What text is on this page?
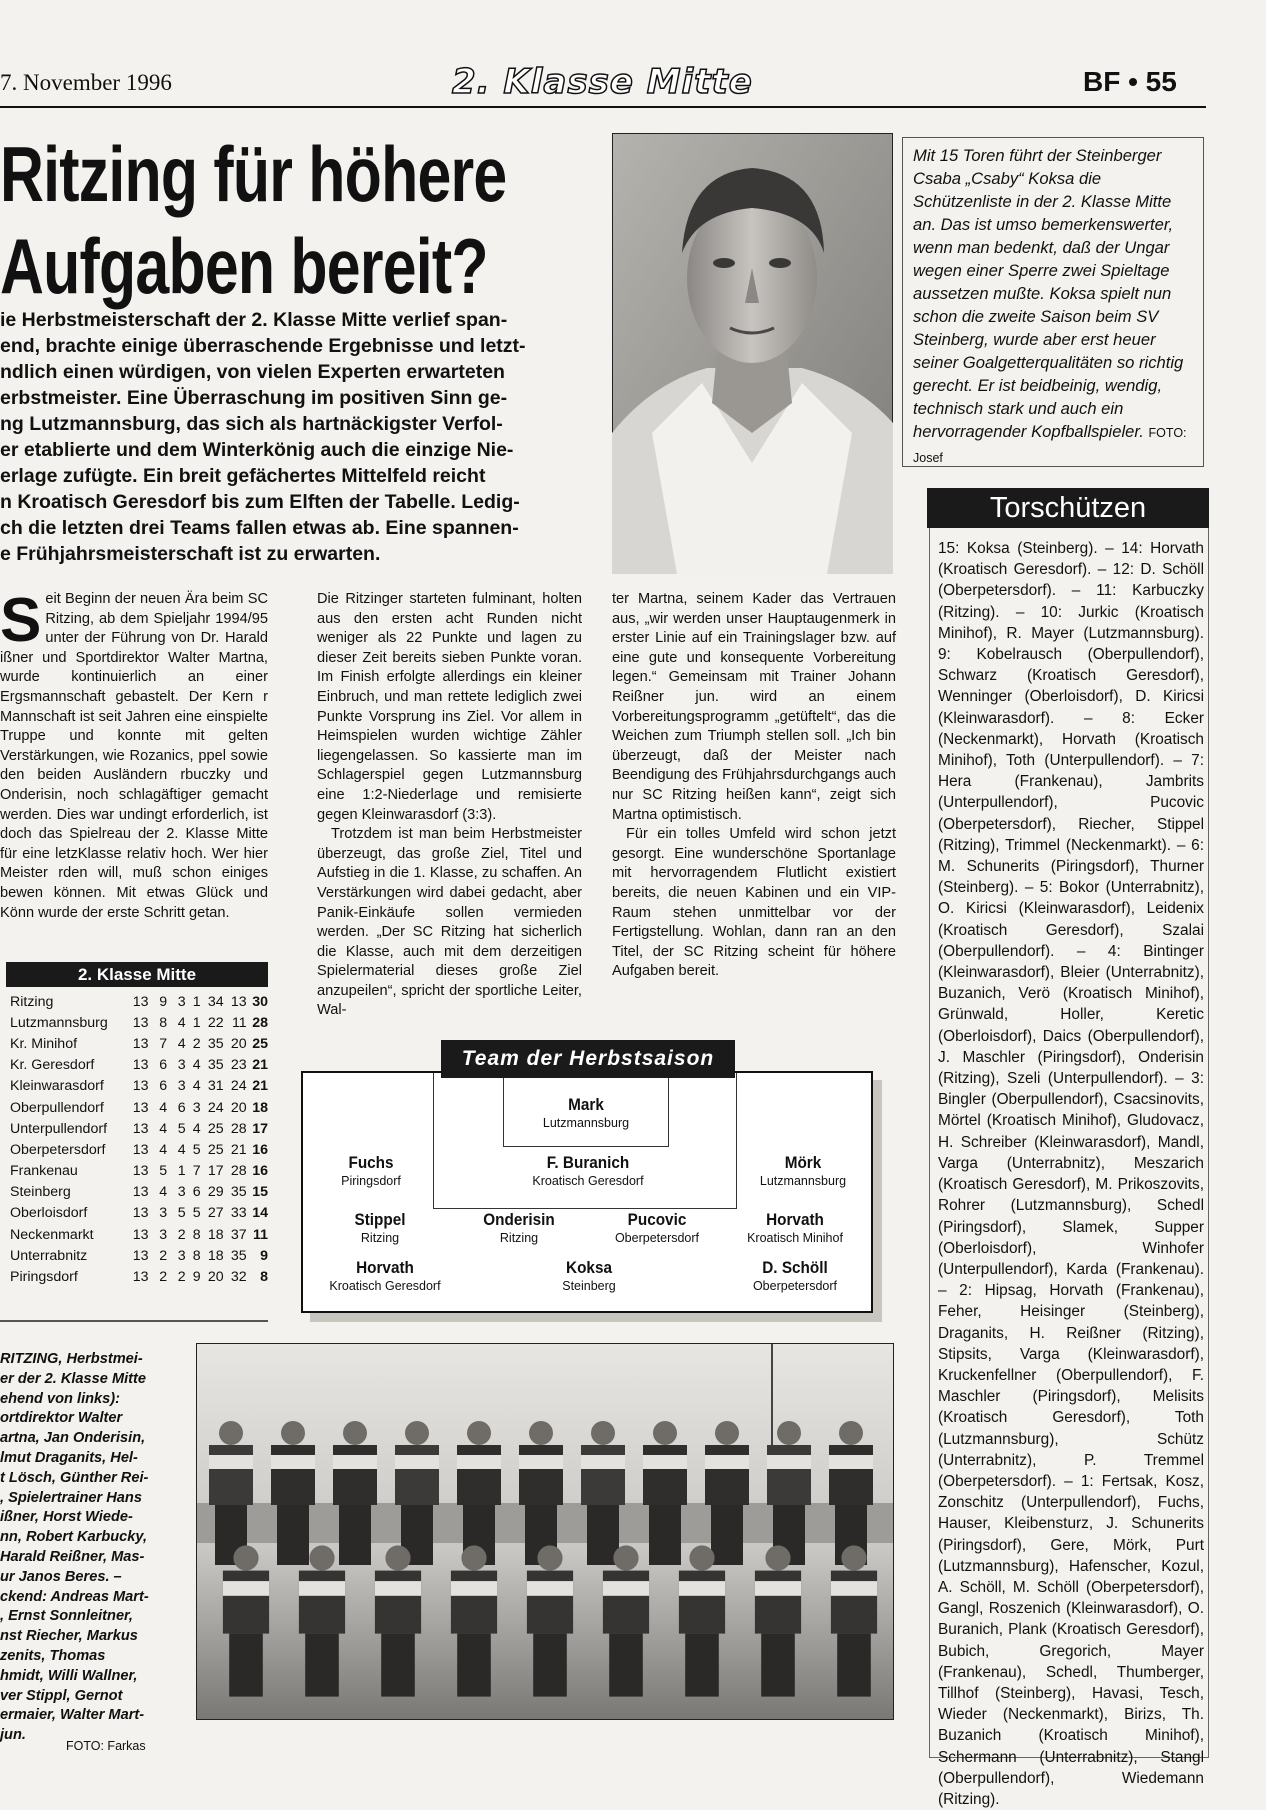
7. November 1996	2. Klasse Mitte	BF • 55
Ritzing für höhere
Aufgaben bereit?
ie Herbstmeisterschaft der 2. Klasse Mitte verlief span-
end, brachte einige überraschende Ergebnisse und letzt-
ndlich einen würdigen, von vielen Experten erwarteten
erbstmeister. Eine Überraschung im positiven Sinn ge-
ng Lutzmannsburg, das sich als hartnäckigster Verfol-
er etablierte und dem Winterkönig auch die einzige Nie-
erlage zufügte. Ein breit gefächertes Mittelfeld reicht
n Kroatisch Geresdorf bis zum Elften der Tabelle. Ledig-
ch die letzten drei Teams fallen etwas ab. Eine spannen-
e Frühjahrsmeisterschaft ist zu erwarten.
S eit Beginn der neuen Ära beim SC Ritzing, ab dem Spieljahr 1994/95 unter der Führung von Dr. Harald ißner und Sportdirektor Walter Martna, wurde kontinuierlich an einer Ergsmannschaft gebastelt. Der Kern r Mannschaft ist seit Jahren eine einspielte Truppe und konnte mit gelten Verstärkungen, wie Rozanics, ppel sowie den beiden Ausländern rbuczky und Onderisin, noch schlagäftiger gemacht werden. Dies war undingt erforderlich, ist doch das Spielreau der 2. Klasse Mitte für eine letzKlasse relativ hoch. Wer hier Meister rden will, muß schon einiges bewen können. Mit etwas Glück und Könn wurde der erste Schritt getan.

Die Ritzinger starteten fulminant, holten aus den ersten acht Runden nicht weniger als 22 Punkte und lagen zu dieser Zeit bereits sieben Punkte voran. Im Finish erfolgte allerdings ein kleiner Einbruch, und man rettete lediglich zwei Punkte Vorsprung ins Ziel. Vor allem in Heimspielen wurden wichtige Zähler liegengelassen. So kassierte man im Schlagerspiel gegen Lutzmannsburg eine 1:2-Niederlage und remisierte gegen Kleinwarasdorf (3:3).

Trotzdem ist man beim Herbstmeister überzeugt, das große Ziel, Titel und Aufstieg in die 1. Klasse, zu schaffen. An Verstärkungen wird dabei gedacht, aber Panik-Einkäufe sollen vermieden werden. „Der SC Ritzing hat sicherlich die Klasse, auch mit dem derzeitigen Spielermaterial dieses große Ziel anzupeilen“, spricht der sportliche Leiter, Wal-

ter Martna, seinem Kader das Vertrauen aus, „wir werden unser Hauptaugenmerk in erster Linie auf ein Trainingslager bzw. auf eine gute und konsequente Vorbereitung legen.“ Gemeinsam mit Trainer Johann Reißner jun. wird an einem Vorbereitungsprogramm „getüftelt“, das die Weichen zum Triumph stellen soll. „Ich bin überzeugt, daß der Meister nach Beendigung des Frühjahrsdurchgangs auch nur SC Ritzing heißen kann“, zeigt sich Martna optimistisch.

Für ein tolles Umfeld wird schon jetzt gesorgt. Eine wunderschöne Sportanlage mit hervorragendem Flutlicht existiert bereits, die neuen Kabinen und ein VIP-Raum stehen unmittelbar vor der Fertigstellung. Wohlan, dann ran an den Titel, der SC Ritzing scheint für höhere Aufgaben bereit.

2. Klasse Mitte
Ritzing	13	9	3	1	34	13	30
Lutzmannsburg	13	8	4	1	22	11	28
Kr. Minihof	13	7	4	2	35	20	25
Kr. Geresdorf	13	6	3	4	35	23	21
Kleinwarasdorf	13	6	3	4	31	24	21
Oberpullendorf	13	4	6	3	24	20	18
Unterpullendorf	13	4	5	4	25	28	17
Oberpetersdorf	13	4	4	5	25	21	16
Frankenau	13	5	1	7	17	28	16
Steinberg	13	4	3	6	29	35	15
Oberloisdorf	13	3	5	5	27	33	14
Neckenmarkt	13	3	2	8	18	37	11
Unterrabnitz	13	2	3	8	18	35	9
Piringsdorf	13	2	2	9	20	32	8
Mit 15 Toren führt der Steinberger Csaba „Csaby“ Koksa die Schützenliste in der 2. Klasse Mitte an. Das ist umso bemerkenswerter, wenn man bedenkt, daß der Ungar wegen einer Sperre zwei Spieltage aussetzen mußte. Koksa spielt nun schon die zweite Saison beim SV Steinberg, wurde aber erst heuer seiner Goalgetterqualitäten so richtig gerecht. Er ist beidbeinig, wendig, technisch stark und auch ein hervorragender Kopfballspieler. FOTO: Josef
Torschützen
15: Koksa (Steinberg). – 14: Horvath (Kroatisch Geresdorf). – 12: D. Schöll (Oberpetersdorf). – 11: Karbuczky (Ritzing). – 10: Jurkic (Kroatisch Minihof), R. Mayer (Lutzmannsburg). 9: Kobelrausch (Oberpullendorf), Schwarz (Kroatisch Geresdorf), Wenninger (Oberloisdorf), D. Kiricsi (Kleinwarasdorf). – 8: Ecker (Neckenmarkt), Horvath (Kroatisch Minihof), Toth (Unterpullendorf). – 7: Hera (Frankenau), Jambrits (Unterpullendorf), Pucovic (Oberpetersdorf), Riecher, Stippel (Ritzing), Trimmel (Neckenmarkt). – 6: M. Schunerits (Piringsdorf), Thurner (Steinberg). – 5: Bokor (Unterrabnitz), O. Kiricsi (Kleinwarasdorf), Leidenix (Kroatisch Geresdorf), Szalai (Oberpullendorf). – 4: Bintinger (Kleinwarasdorf), Bleier (Unterrabnitz), Buzanich, Verö (Kroatisch Minihof), Grünwald, Holler, Keretic (Oberloisdorf), Daics (Oberpullendorf), J. Maschler (Piringsdorf), Onderisin (Ritzing), Szeli (Unterpullendorf). – 3: Bingler (Oberpullendorf), Csacsinovits, Mörtel (Kroatisch Minihof), Gludovacz, H. Schreiber (Kleinwarasdorf), Mandl, Varga (Unterrabnitz), Meszarich (Kroatisch Geresdorf), M. Prikoszovits, Rohrer (Lutzmannsburg), Schedl (Piringsdorf), Slamek, Supper (Oberloisdorf), Winhofer (Unterpullendorf), Karda (Frankenau). – 2: Hipsag, Horvath (Frankenau), Feher, Heisinger (Steinberg), Draganits, H. Reißner (Ritzing), Stipsits, Varga (Kleinwarasdorf), Kruckenfellner (Oberpullendorf), F. Maschler (Piringsdorf), Melisits (Kroatisch Geresdorf), Toth (Lutzmannsburg), Schütz (Unterrabnitz), P. Tremmel (Oberpetersdorf). – 1: Fertsak, Kosz, Zonschitz (Unterpullendorf), Fuchs, Hauser, Kleibensturz, J. Schunerits (Piringsdorf), Gere, Mörk, Purt (Lutzmannsburg), Hafenscher, Kozul, A. Schöll, M. Schöll (Oberpetersdorf), Gangl, Roszenich (Kleinwarasdorf), O. Buranich, Plank (Kroatisch Geresdorf), Bubich, Gregorich, Mayer (Frankenau), Schedl, Thumberger, Tillhof (Steinberg), Havasi, Tesch, Wieder (Neckenmarkt), Birizs, Th. Buzanich (Kroatisch Minihof), Schermann (Unterrabnitz), Stangl (Oberpullendorf), Wiedemann (Ritzing).
Team der Herbstsaison
Mark
Lutzmannsburg
Fuchs
Piringsdorf
F. Buranich
Kroatisch Geresdorf
Mörk
Lutzmannsburg
Stippel
Ritzing
Onderisin
Ritzing
Pucovic
Oberpetersdorf
Horvath
Kroatisch Minihof
Horvath
Kroatisch Geresdorf
Koksa
Steinberg
D. Schöll
Oberpetersdorf
RITZING, Herbstmei-
er der 2. Klasse Mitte
ehend von links):
ortdirektor Walter
artna, Jan Onderisin,
lmut Draganits, Hel-
t Lösch, Günther Rei-
, Spielertrainer Hans
ißner, Horst Wiede-
nn, Robert Karbucky,
Harald Reißner, Mas-
ur Janos Beres. –
ckend: Andreas Mart-
, Ernst Sonnleitner,
nst Riecher, Markus
zenits, Thomas
hmidt, Willi Wallner,
ver Stippl, Gernot
ermaier, Walter Mart-
jun.
FOTO: Farkas
